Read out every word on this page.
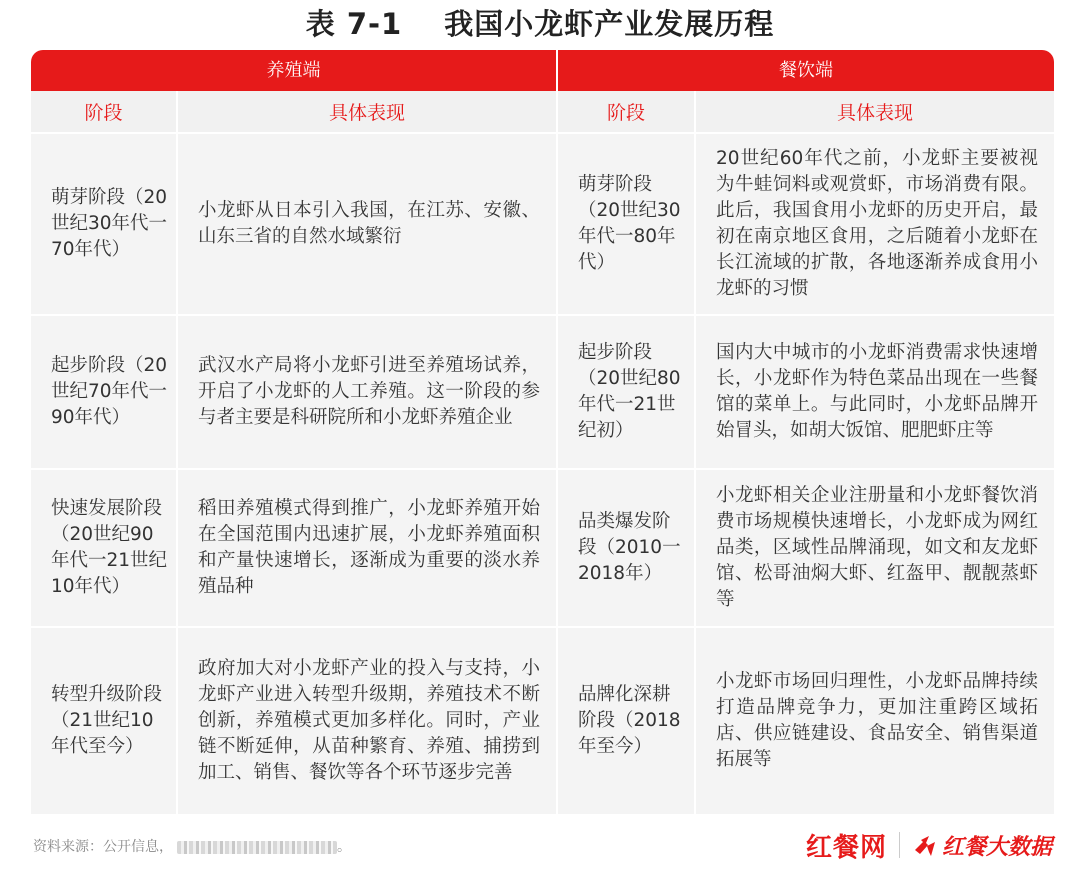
表 7-1 我国小龙虾产业发展历程
养殖端		餐饮端	
阶段	具体表现	阶段	具体表现
萌芽阶段（20世纪30年代一70年代）	小龙虾从日本引入我国，在江苏、安徽、山东三省的自然水域繁衍	萌芽阶段（20世纪30年代一80年代）	20世纪60年代之前，小龙虾主要被视为牛蛙饲料或观赏虾，市场消费有限。此后，我国食用小龙虾的历史开启，最初在南京地区食用，之后随着小龙虾在长江流域的扩散，各地逐渐养成食用小龙虾的习惯
起步阶段（20世纪70年代一90年代）	武汉水产局将小龙虾引进至养殖场试养，开启了小龙虾的人工养殖。这一阶段的参与者主要是科研院所和小龙虾养殖企业	起步阶段（20世纪80年代一21世纪初）	国内大中城市的小龙虾消费需求快速增长，小龙虾作为特色菜品出现在一些餐馆的菜单上。与此同时，小龙虾品牌开始冒头，如胡大饭馆、肥肥虾庄等
快速发展阶段（20世纪90年代一21世纪10年代）	稻田养殖模式得到推广，小龙虾养殖开始在全国范围内迅速扩展，小龙虾养殖面积和产量快速增长，逐渐成为重要的淡水养殖品种	品类爆发阶段（2010一2018年）	小龙虾相关企业注册量和小龙虾餐饮消费市场规模快速增长，小龙虾成为网红品类，区域性品牌涌现，如文和友龙虾馆、松哥油焖大虾、红盔甲、靓靓蒸虾等
转型升级阶段（21世纪10年代至今）	政府加大对小龙虾产业的投入与支持，小龙虾产业进入转型升级期，养殖技术不断创新，养殖模式更加多样化。同时，产业链不断延伸，从苗种繁育、养殖、捕捞到加工、销售、餐饮等各个环节逐步完善	品牌化深耕阶段（2018年至今）	小龙虾市场回归理性，小龙虾品牌持续打造品牌竞争力，更加注重跨区域拓店、供应链建设、食品安全、销售渠道拓展等
资料来源：公开信息，	。	红餐网	红餐大数据
